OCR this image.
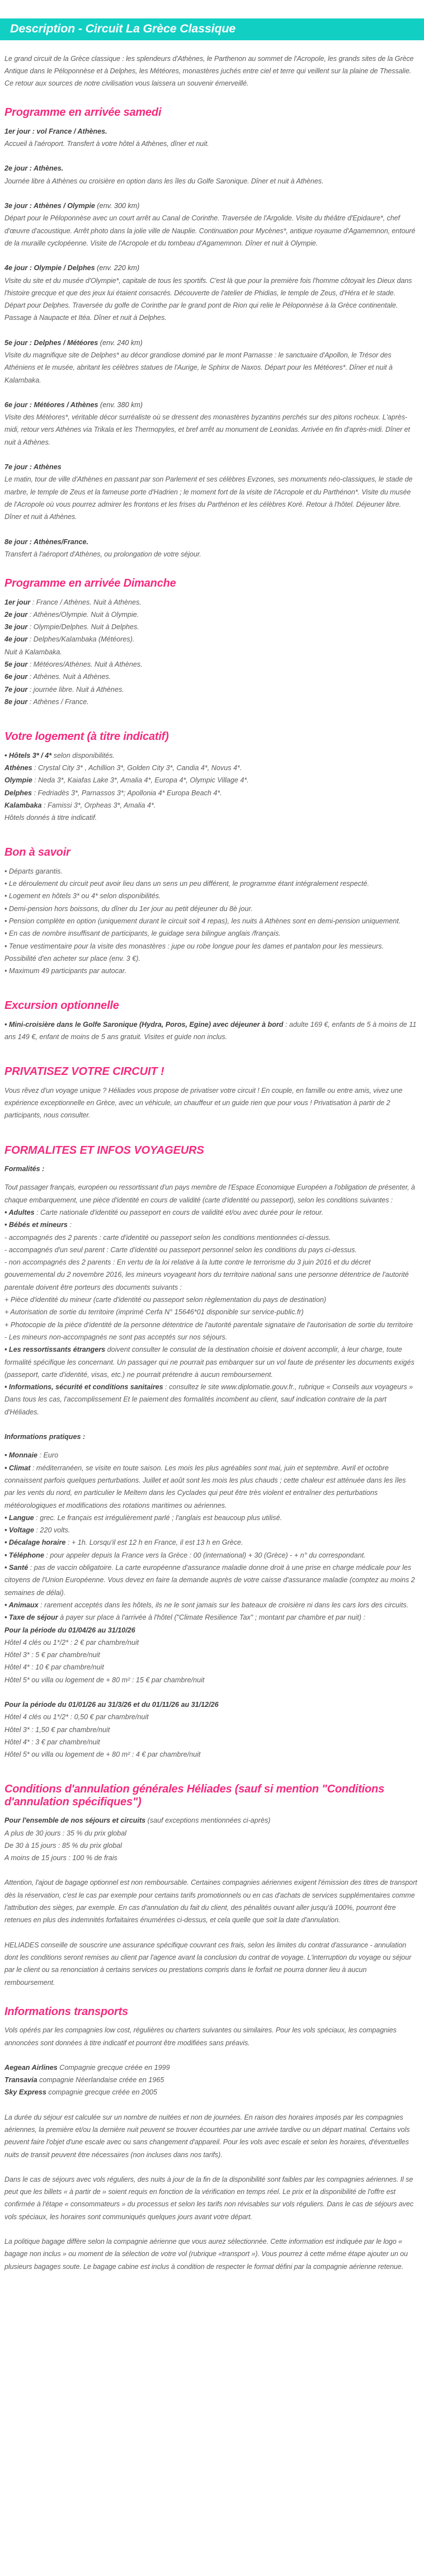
Description - Circuit La Grèce Classique

Le grand circuit de la Grèce classique : les splendeurs d'Athènes, le Parthenon au sommet de l'Acropole, les grands sites de la Grèce Antique dans le Péloponnèse et à Delphes, les Météores, monastères juchés entre ciel et terre qui veillent sur la plaine de Thessalie. Ce retour aux sources de notre civilisation vous laissera un souvenir émerveillé.

Programme en arrivée samedi

1er jour : vol France / Athènes.

Accueil à l'aéroport. Transfert à votre hôtel à Athènes, dîner et nuit.

2e jour : Athènes.

Journée libre à Athènes ou croisière en option dans les îles du Golfe Saronique. Dîner et nuit à Athènes.

3e jour : Athènes / Olympie (env. 300 km)

Départ pour le Péloponnèse avec un court arrêt au Canal de Corinthe. Traversée de l'Argolide. Visite du théâtre d'Epidaure*, chef d'œuvre d'acoustique. Arrêt photo dans la jolie ville de Nauplie. Continuation pour Mycènes*, antique royaume d'Agamemnon, entouré de la muraille cyclopéenne. Visite de l'Acropole et du tombeau d'Agamemnon. Dîner et nuit à Olympie.

4e jour : Olympie / Delphes (env. 220 km)

Visite du site et du musée d'Olympie*, capitale de tous les sportifs. C'est là que pour la première fois l'homme côtoyait les Dieux dans l'histoire grecque et que des jeux lui étaient consacrés. Découverte de l'atelier de Phidias, le temple de Zeus, d'Héra et le stade. Départ pour Delphes. Traversée du golfe de Corinthe par le grand pont de Rion qui relie le Péloponnèse à la Grèce continentale. Passage à Naupacte et Itéa. Dîner et nuit à Delphes.

5e jour : Delphes / Météores (env. 240 km)

Visite du magnifique site de Delphes* au décor grandiose dominé par le mont Parnasse : le sanctuaire d'Apollon, le Trésor des Athéniens et le musée, abritant les célèbres statues de l'Aurige, le Sphinx de Naxos. Départ pour les Météores*. Dîner et nuit à Kalambaka.

6e jour : Météores / Athènes (env. 380 km)

Visite des Météores*, véritable décor surréaliste où se dressent des monastères byzantins perchés sur des pitons rocheux. L'après-midi, retour vers Athènes via Trikala et les Thermopyles, et bref arrêt au monument de Leonidas. Arrivée en fin d'après-midi. Dîner et nuit à Athènes.

7e jour : Athènes

Le matin, tour de ville d'Athènes en passant par son Parlement et ses célèbres Evzones, ses monuments néo-classiques, le stade de marbre, le temple de Zeus et la fameuse porte d'Hadrien ; le moment fort de la visite de l'Acropole et du Parthénon*. Visite du musée de l'Acropole où vous pourrez admirer les frontons et les frises du Parthénon et les célèbres Koré. Retour à l'hôtel. Déjeuner libre. Dîner et nuit à Athènes.

8e jour : Athènes/France.

Transfert à l'aéroport d'Athènes, ou prolongation de votre séjour.

Programme en arrivée Dimanche

1er jour : France / Athènes. Nuit à Athènes.

2e jour : Athènes/Olympie. Nuit à Olympie.

3e jour : Olympie/Delphes. Nuit à Delphes.

4e jour : Delphes/Kalambaka (Météores).

Nuit à Kalambaka.

5e jour : Météores/Athènes. Nuit à Athènes.

6e jour : Athènes. Nuit à Athènes.

7e jour : journée libre. Nuit à Athènes.

8e jour : Athènes / France.

Votre logement (à titre indicatif)

• Hôtels 3* / 4* selon disponibilités.

Athènes : Crystal City 3* , Achillion 3*, Golden City 3*, Candia 4*, Novus 4*.

Olympie : Neda 3*, Kaiafas Lake 3*, Amalia 4*, Europa 4*, Olympic Village 4*.

Delphes : Fedriadès 3*, Parnassos 3*; Apollonia 4* Europa Beach 4*.

Kalambaka : Famissi 3*, Orpheas 3*, Amalia 4*.

Hôtels donnés à titre indicatif.

Bon à savoir

• Départs garantis.

• Le déroulement du circuit peut avoir lieu dans un sens un peu différent, le programme étant intégralement respecté.

• Logement en hôtels 3* ou 4* selon disponibilités.

• Demi-pension hors boissons, du dîner du 1er jour au petit déjeuner du 8è jour.

• Pension complète en option (uniquement durant le circuit soit 4 repas), les nuits à Athènes sont en demi-pension uniquement.

• En cas de nombre insuffisant de participants, le guidage sera bilingue anglais /français.

• Tenue vestimentaire pour la visite des monastères : jupe ou robe longue pour les dames et pantalon pour les messieurs. Possibilité d'en acheter sur place (env. 3 €).

• Maximum 49 participants par autocar.

Excursion optionnelle

• Mini-croisière dans le Golfe Saronique (Hydra, Poros, Egine) avec déjeuner à bord : adulte 169 €, enfants de 5 à moins de 11 ans 149 €, enfant de moins de 5 ans gratuit. Visites et guide non inclus.

PRIVATISEZ VOTRE CIRCUIT !

Vous rêvez d'un voyage unique ? Héliades vous propose de privatiser votre circuit ! En couple, en famille ou entre amis, vivez une expérience exceptionnelle en Grèce, avec un véhicule, un chauffeur et un guide rien que pour vous ! Privatisation à partir de 2 participants, nous consulter.

FORMALITES ET INFOS VOYAGEURS

Formalités :

Tout passager français, européen ou ressortissant d'un pays membre de l'Espace Economique Européen a l'obligation de présenter, à chaque embarquement, une pièce d'identité en cours de validité (carte d'identité ou passeport), selon les conditions suivantes :

• Adultes : Carte nationale d'identité ou passeport en cours de validité et/ou avec durée pour le retour.

• Bébés et mineurs :

- accompagnés des 2 parents : carte d'identité ou passeport selon les conditions mentionnées ci-dessus.

- accompagnés d'un seul parent : Carte d'identité ou passeport personnel selon les conditions du pays ci-dessus.

- non accompagnés des 2 parents : En vertu de la loi relative à la lutte contre le terrorisme du 3 juin 2016 et du décret gouvernemental du 2 novembre 2016, les mineurs voyageant hors du territoire national sans une personne détentrice de l'autorité parentale doivent être porteurs des documents suivants :

+ Pièce d'identité du mineur (carte d'identité ou passeport selon règlementation du pays de destination)

+ Autorisation de sortie du territoire (imprimé Cerfa N° 15646*01 disponible sur service-public.fr)

+ Photocopie de la pièce d'identité de la personne détentrice de l'autorité parentale signataire de l'autorisation de sortie du territoire

- Les mineurs non-accompagnés ne sont pas acceptés sur nos séjours.

• Les ressortissants étrangers doivent consulter le consulat de la destination choisie et doivent accomplir, à leur charge, toute formalité spécifique les concernant. Un passager qui ne pourrait pas embarquer sur un vol faute de présenter les documents exigés (passeport, carte d'identité, visas, etc.) ne pourrait prétendre à aucun remboursement.

• Informations, sécurité et conditions sanitaires : consultez le site www.diplomatie.gouv.fr., rubrique « Conseils aux voyageurs »

Dans tous les cas, l'accomplissement Et le paiement des formalités incombent au client, sauf indication contraire de la part d'Héliades.

Informations pratiques :

• Monnaie : Euro

• Climat : méditerranéen, se visite en toute saison. Les mois les plus agréables sont mai, juin et septembre. Avril et octobre connaissent parfois quelques perturbations. Juillet et août sont les mois les plus chauds ; cette chaleur est atténuée dans les îles par les vents du nord, en particulier le Meltem dans les Cyclades qui peut être très violent et entraîner des perturbations météorologiques et modifications des rotations maritimes ou aériennes.

• Langue : grec. Le français est irrégulièrement parlé ; l'anglais est beaucoup plus utilisé.

• Voltage : 220 volts.

• Décalage horaire : + 1h. Lorsqu'il est 12 h en France, il est 13 h en Grèce.

• Téléphone : pour appeler depuis la France vers la Grèce : 00 (international) + 30 (Grèce) - + n° du correspondant.

• Santé : pas de vaccin obligatoire. La carte européenne d'assurance maladie donne droit à une prise en charge médicale pour les citoyens de l'Union Européenne. Vous devez en faire la demande auprès de votre caisse d'assurance maladie (comptez au moins 2 semaines de délai).

• Animaux : rarement acceptés dans les hôtels, ils ne le sont jamais sur les bateaux de croisière ni dans les cars lors des circuits.

• Taxe de séjour à payer sur place à l'arrivée à l'hôtel ("Climate Resilience Tax" ; montant par chambre et par nuit) :

Pour la période du 01/04/26 au 31/10/26

Hôtel 4 clés ou 1*/2* : 2 € par chambre/nuit

Hôtel 3* : 5 € par chambre/nuit

Hôtel 4* : 10 € par chambre/nuit

Hôtel 5* ou villa ou logement de + 80 m² : 15 € par chambre/nuit

Pour la période du 01/01/26 au 31/3/26 et du 01/11/26 au 31/12/26

Hôtel 4 clés ou 1*/2* : 0,50 € par chambre/nuit

Hôtel 3* : 1,50 € par chambre/nuit

Hôtel 4* : 3 € par chambre/nuit

Hôtel 5* ou villa ou logement de + 80 m² : 4 € par chambre/nuit

Conditions d'annulation générales Héliades (sauf si mention "Conditions d'annulation spécifiques")

Pour l'ensemble de nos séjours et circuits (sauf exceptions mentionnées ci-après)

A plus de 30 jours : 35 % du prix global

De 30 à 15 jours : 85 % du prix global

A moins de 15 jours : 100 % de frais

Attention, l'ajout de bagage optionnel est non remboursable. Certaines compagnies aériennes exigent l'émission des titres de transport dès la réservation, c'est le cas par exemple pour certains tarifs promotionnels ou en cas d'achats de services supplémentaires comme l'attribution des sièges, par exemple. En cas d'annulation du fait du client, des pénalités ouvant aller jusqu'à 100%, pourront être retenues en plus des indemnités forfaitaires énumérées ci-dessus, et cela quelle que soit la date d'annulation.

HELIADES conseille de souscrire une assurance spécifique couvrant ces frais, selon les limites du contrat d'assurance - annulation dont les conditions seront remises au client par l'agence avant la conclusion du contrat de voyage. L'interruption du voyage ou séjour par le client ou sa renonciation à certains services ou prestations compris dans le forfait ne pourra donner lieu à aucun remboursement.

Informations transports

Vols opérés par les compagnies low cost, régulières ou charters suivantes ou similaires. Pour les vols spéciaux, les compagnies annoncées sont données à titre indicatif et pourront être modifiées sans préavis.

Aegean Airlines Compagnie grecque créée en 1999

Transavia compagnie Néerlandaise créée en 1965

Sky Express compagnie grecque créée en 2005

La durée du séjour est calculée sur un nombre de nuitées et non de journées. En raison des horaires imposés par les compagnies aériennes, la première et/ou la dernière nuit peuvent se trouver écourtées par une arrivée tardive ou un départ matinal. Certains vols peuvent faire l'objet d'une escale avec ou sans changement d'appareil. Pour les vols avec escale et selon les horaires, d'éventuelles nuits de transit peuvent être nécessaires (non incluses dans nos tarifs).

Dans le cas de séjours avec vols réguliers, des nuits à jour de la fin de la disponibilité sont faibles par les compagnies aériennes. Il se peut que les billets « à partir de » soient requis en fonction de la vérification en temps réel. Le prix et la disponibilité de l'offre est confirmée à l'étape « consommateurs » du processus et selon les tarifs non révisables sur vols réguliers. Dans le cas de séjours avec vols spéciaux, les horaires sont communiqués quelques jours avant votre départ.

La politique bagage diffère selon la compagnie aérienne que vous aurez sélectionnée. Cette information est indiquée par le logo « bagage non inclus » ou moment de la sélection de votre vol (rubrique «transport »). Vous pourrez à cette même étape ajouter un ou plusieurs bagages soute. Le bagage cabine est inclus à condition de respecter le format défini par la compagnie aérienne retenue.
